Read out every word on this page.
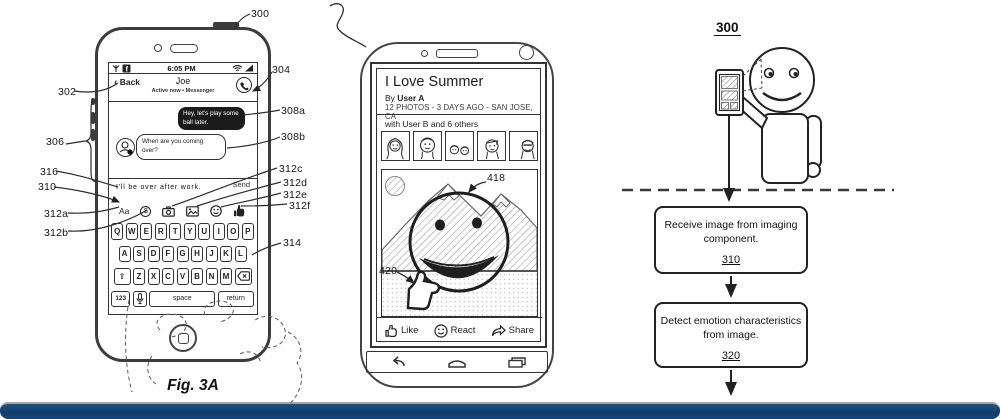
f	6:05 PM
‹ Back	Joe
Active now • Messenger
Hey, let's play some ball later.
When are you coming over?
I'll be over after work.	Send
Aa	$
Q W	E	R	T	Y	U	I	O	P
A	S	D	F	G	H	J	K	L
⇧	Z	X	C	V	B	N	M
123	space	return
Fig. 3A
300
302
304
306
308a
308b
316
310
312a
312b
312c
312d
312e
312f
314
I Love Summer
By User A
12 PHOTOS - 3 DAYS AGO - SAN JOSE, CA
with User B and 6 others
Like	React	Share
418
420
300
Receive image from imaging
component.
310
Detect emotion characteristics
from image.
320
